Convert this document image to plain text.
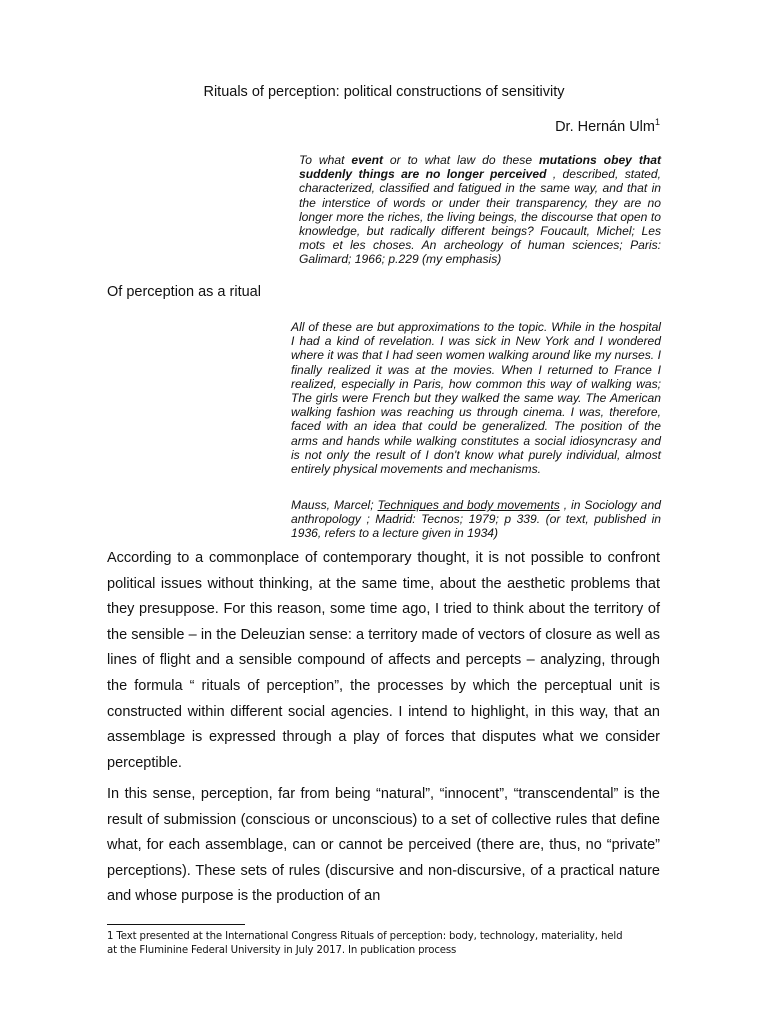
Rituals of perception: political constructions of sensitivity

Dr. Hernán Ulm$^1$

To what event or to what law do these mutations obey that suddenly things are no longer perceived , described, stated, characterized, classified and fatigued in the same way, and that in the interstice of words or under their transparency, they are no longer more the riches, the living beings, the discourse that open to knowledge, but radically different beings? Foucault, Michel; Les mots et les choses. An archeology of human sciences; Paris: Galimard; 1966; p.229 (my emphasis)

Of perception as a ritual

All of these are but approximations to the topic. While in the hospital I had a kind of revelation. I was sick in New York and I wondered where it was that I had seen women walking around like my nurses. I finally realized it was at the movies. When I returned to France I realized, especially in Paris, how common this way of walking was; The girls were French but they walked the same way. The American walking fashion was reaching us through cinema. I was, therefore, faced with an idea that could be generalized. The position of the arms and hands while walking constitutes a social idiosyncrasy and is not only the result of I don't know what purely individual, almost entirely physical movements and mechanisms.

Mauss, Marcel; Techniques and body movements , in Sociology and anthropology ; Madrid: Tecnos; 1979; p 339. (or text, published in 1936, refers to a lecture given in 1934)

According to a commonplace of contemporary thought, it is not possible to confront political issues without thinking, at the same time, about the aesthetic problems that they presuppose. For this reason, some time ago, I tried to think about the territory of the sensible – in the Deleuzian sense: a territory made of vectors of closure as well as lines of flight and a sensible compound of affects and percepts – analyzing, through the formula “ rituals of perception”, the processes by which the perceptual unit is constructed within different social agencies. I intend to highlight, in this way, that an assemblage is expressed through a play of forces that disputes what we consider perceptible.

In this sense, perception, far from being “natural”, “innocent”, “transcendental” is the result of submission (conscious or unconscious) to a set of collective rules that define what, for each assemblage, can or cannot be perceived (there are, thus, no “private” perceptions). These sets of rules (discursive and non-discursive, of a practical nature and whose purpose is the production of an

1 Text presented at the International Congress Rituals of perception: body, technology, materiality, held
at the Fluminine Federal University in July 2017. In publication process
